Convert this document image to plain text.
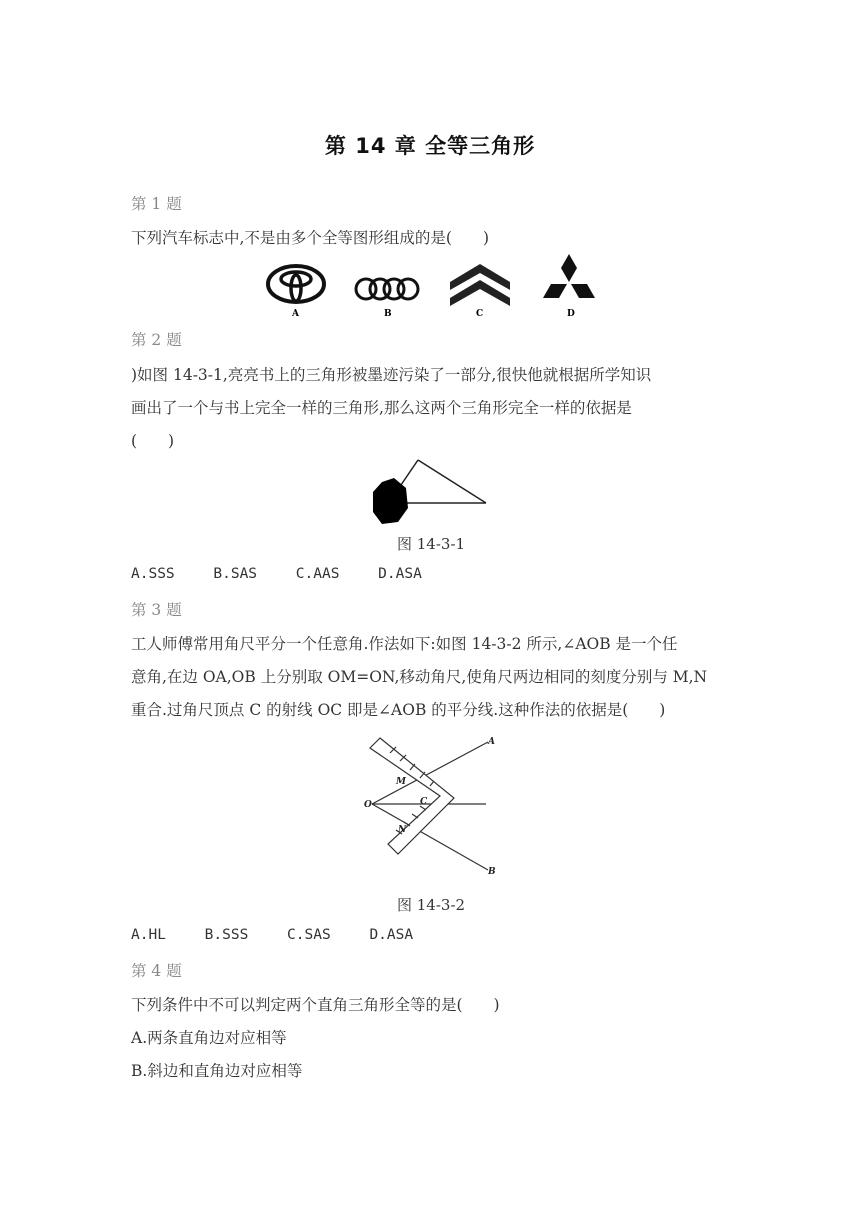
第 14 章 全等三角形
第 1 题
下列汽车标志中,不是由多个全等图形组成的是(　　)
A	B	C	D
第 2 题
)如图 14-3-1,亮亮书上的三角形被墨迹污染了一部分,很快他就根据所学知识
画出了一个与书上完全一样的三角形,那么这两个三角形完全一样的依据是
(　　)
图 14-3-1
A.SSS	B.SAS	C.AAS	D.ASA
第 3 题
工人师傅常用角尺平分一个任意角.作法如下:如图 14-3-2 所示,∠AOB 是一个任
意角,在边 OA,OB 上分别取 OM=ON,移动角尺,使角尺两边相同的刻度分别与 M,N
重合.过角尺顶点 C 的射线 OC 即是∠AOB 的平分线.这种作法的依据是(　　)
A
B
O
M
N
C
图 14-3-2
A.HL	B.SSS	C.SAS	D.ASA
第 4 题
下列条件中不可以判定两个直角三角形全等的是(　　)
A.两条直角边对应相等
B.斜边和直角边对应相等
